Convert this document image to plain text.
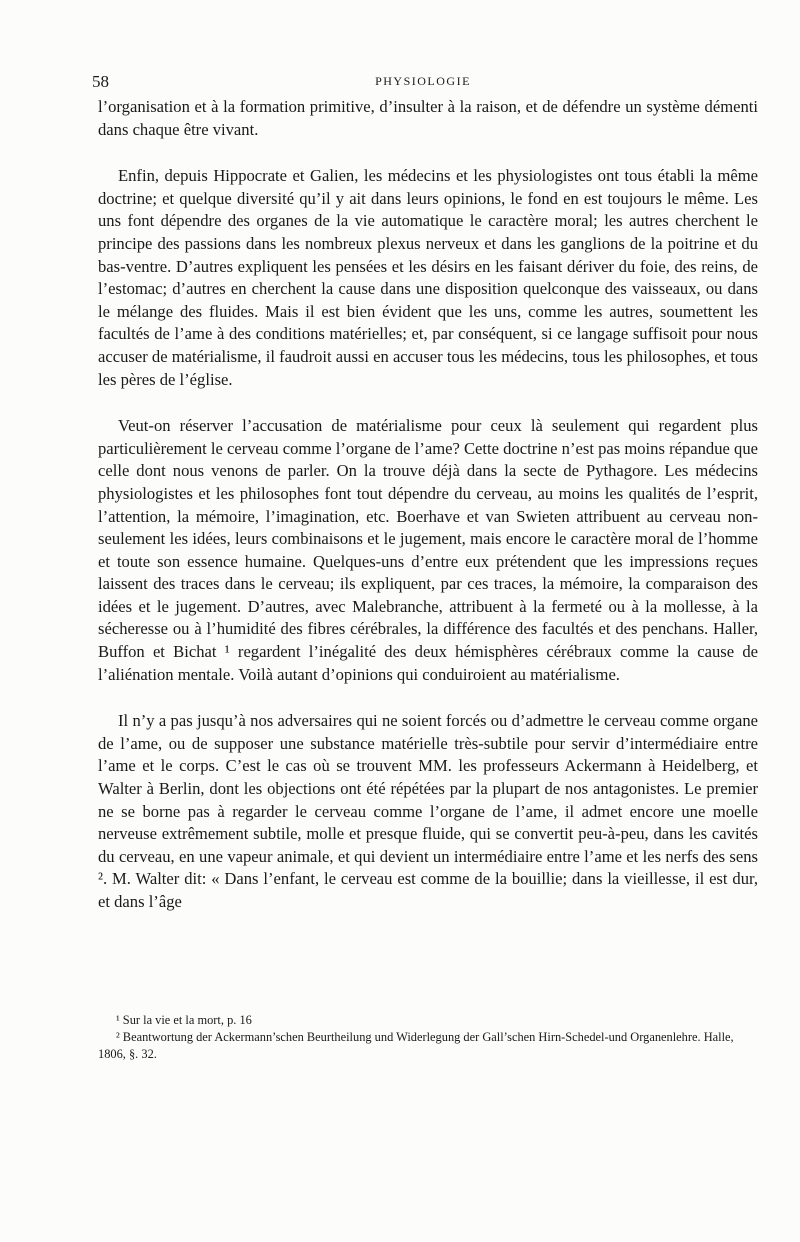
58	PHYSIOLOGIE

l’organisation et à la formation primitive, d’insulter à la raison, et de défendre un système démenti dans chaque être vivant.

Enfin, depuis Hippocrate et Galien, les médecins et les physiologistes ont tous établi la même doctrine; et quelque diversité qu’il y ait dans leurs opinions, le fond en est toujours le même. Les uns font dépendre des organes de la vie automatique le caractère moral; les autres cherchent le principe des passions dans les nombreux plexus nerveux et dans les ganglions de la poitrine et du bas-ventre. D’autres expliquent les pensées et les désirs en les faisant dériver du foie, des reins, de l’estomac; d’autres en cherchent la cause dans une disposition quelconque des vaisseaux, ou dans le mélange des fluides. Mais il est bien évident que les uns, comme les autres, soumettent les facultés de l’ame à des conditions matérielles; et, par conséquent, si ce langage suffisoit pour nous accuser de matérialisme, il faudroit aussi en accuser tous les médecins, tous les philosophes, et tous les pères de l’église.

Veut-on réserver l’accusation de matérialisme pour ceux là seulement qui regardent plus particulièrement le cerveau comme l’organe de l’ame? Cette doctrine n’est pas moins répandue que celle dont nous venons de parler. On la trouve déjà dans la secte de Pythagore. Les médecins physiologistes et les philosophes font tout dépendre du cerveau, au moins les qualités de l’esprit, l’attention, la mémoire, l’imagination, etc. Boerhave et van Swieten attribuent au cerveau non-seulement les idées, leurs combinaisons et le jugement, mais encore le caractère moral de l’homme et toute son essence humaine. Quelques-uns d’entre eux prétendent que les impressions reçues laissent des traces dans le cerveau; ils expliquent, par ces traces, la mémoire, la comparaison des idées et le jugement. D’autres, avec Malebranche, attribuent à la fermeté ou à la mollesse, à la sécheresse ou à l’humidité des fibres cérébrales, la différence des facultés et des penchans. Haller, Buffon et Bichat ¹ regardent l’inégalité des deux hémisphères cérébraux comme la cause de l’aliénation mentale. Voilà autant d’opinions qui conduiroient au matérialisme.

Il n’y a pas jusqu’à nos adversaires qui ne soient forcés ou d’admettre le cerveau comme organe de l’ame, ou de supposer une substance matérielle très-subtile pour servir d’intermédiaire entre l’ame et le corps. C’est le cas où se trouvent MM. les professeurs Ackermann à Heidelberg, et Walter à Berlin, dont les objections ont été répétées par la plupart de nos antagonistes. Le premier ne se borne pas à regarder le cerveau comme l’organe de l’ame, il admet encore une moelle nerveuse extrêmement subtile, molle et presque fluide, qui se convertit peu-à-peu, dans les cavités du cerveau, en une vapeur animale, et qui devient un intermédiaire entre l’ame et les nerfs des sens ². M. Walter dit: « Dans l’enfant, le cerveau est comme de la bouillie; dans la vieillesse, il est dur, et dans l’âge

¹ Sur la vie et la mort, p. 16

² Beantwortung der Ackermann’schen Beurtheilung und Widerlegung der Gall’schen Hirn-Schedel-und Organenlehre. Halle, 1806, §. 32.
